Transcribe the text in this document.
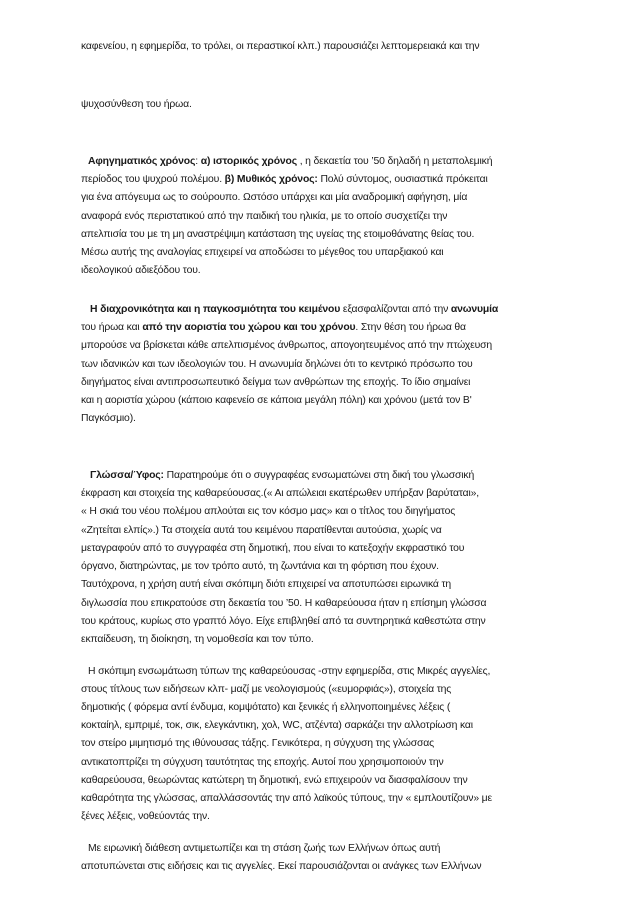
καφενείου, η εφημερίδα, το τρόλει, οι περαστικοί κλπ.) παρουσιάζει λεπτομερειακά και την
ψυχοσύνθεση του ήρωα.
Αφηγηματικός χρόνος: α) ιστορικός χρόνος , η δεκαετία του ’50 δηλαδή η μεταπολεμική
περίοδος του ψυχρού πολέμου. β) Μυθικός χρόνος: Πολύ σύντομος, ουσιαστικά πρόκειται
για ένα απόγευμα ως το σούρουπο. Ωστόσο υπάρχει και μία αναδρομική αφήγηση, μία
αναφορά ενός περιστατικού από την παιδική του ηλικία, με το οποίο συσχετίζει την
απελπισία του με τη μη αναστρέψιμη κατάσταση της υγείας της ετοιμοθάνατης θείας του.
Μέσω αυτής της αναλογίας επιχειρεί να αποδώσει το μέγεθος του υπαρξιακού και
ιδεολογικού αδιεξόδου του.
Η διαχρονικότητα και η παγκοσμιότητα του κειμένου εξασφαλίζονται από την ανωνυμία
του ήρωα και από την αοριστία του χώρου και του χρόνου. Στην θέση του ήρωα θα
μπορούσε να βρίσκεται κάθε απελπισμένος άνθρωπος, απογοητευμένος από την πτώχευση
των ιδανικών και των ιδεολογιών του. Η ανωνυμία δηλώνει ότι το κεντρικό πρόσωπο του
διηγήματος είναι αντιπροσωπευτικό δείγμα των ανθρώπων της εποχής. Το ίδιο σημαίνει
και η αοριστία χώρου (κάποιο καφενείο σε κάποια μεγάλη πόλη) και χρόνου (μετά τον Β'
Παγκόσμιο).
Γλώσσα/Ύφος: Παρατηρούμε ότι ο συγγραφέας ενσωματώνει στη δική του γλωσσική
έκφραση και στοιχεία της καθαρεύουσας.(« Αι απώλειαι εκατέρωθεν υπήρξαν βαρύταται»,
« Η σκιά του νέου πολέμου απλούται εις τον κόσμο μας» και ο τίτλος του διηγήματος
«Ζητείται ελπίς».) Τα στοιχεία αυτά του κειμένου παρατίθενται αυτούσια, χωρίς να
μεταγραφούν από το συγγραφέα στη δημοτική, που είναι το κατεξοχήν εκφραστικό του
όργανο, διατηρώντας, με τον τρόπο αυτό, τη ζωντάνια και τη φόρτιση που έχουν.
Ταυτόχρονα, η χρήση αυτή είναι σκόπιμη διότι επιχειρεί να αποτυπώσει ειρωνικά τη
διγλωσσία που επικρατούσε στη δεκαετία του ’50. Η καθαρεύουσα ήταν η επίσημη γλώσσα
του κράτους, κυρίως στο γραπτό λόγο. Είχε επιβληθεί από τα συντηρητικά καθεστώτα στην
εκπαίδευση, τη διοίκηση, τη νομοθεσία και τον τύπο.
Η σκόπιμη ενσωμάτωση τύπων της καθαρεύουσας -στην εφημερίδα, στις Μικρές αγγελίες,
στους τίτλους των ειδήσεων κλπ- μαζί με νεολογισμούς («ευμορφιάς»), στοιχεία της
δημοτικής ( φόρεμα αντί ένδυμα, κομψότατο) και ξενικές ή ελληνοποιημένες λέξεις (
κοκταίηλ, εμπριμέ, τοκ, σικ, ελεγκάντικη, χολ, WC, ατζέντα) σαρκάζει την αλλοτρίωση και
τον στείρο μιμητισμό της ιθύνουσας τάξης. Γενικότερα, η σύγχυση της γλώσσας
αντικατοπτρίζει τη σύγχυση ταυτότητας της εποχής. Αυτοί που χρησιμοποιούν την
καθαρεύουσα, θεωρώντας κατώτερη τη δημοτική, ενώ επιχειρούν να διασφαλίσουν την
καθαρότητα της γλώσσας, απαλλάσσοντάς την από λαϊκούς τύπους, την « εμπλουτίζουν» με
ξένες λέξεις, νοθεύοντάς την.
Με ειρωνική διάθεση αντιμετωπίζει και τη στάση ζωής των Ελλήνων όπως αυτή
αποτυπώνεται στις ειδήσεις και τις αγγελίες. Εκεί παρουσιάζονται οι ανάγκες των Ελλήνων
